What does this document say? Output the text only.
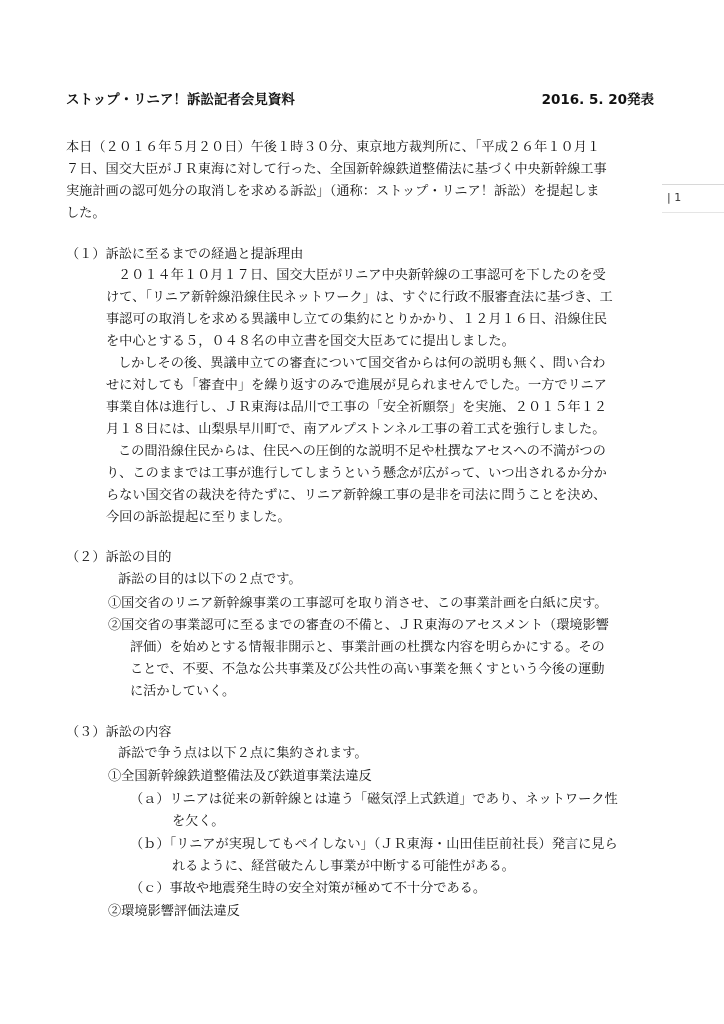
ストップ・リニア！訴訟記者会見資料	2016. 5. 20発表
| 1
本日（２０１６年５月２０日）午後１時３０分、東京地方裁判所に、「平成２６年１０月１
７日、国交大臣がＪＲ東海に対して行った、全国新幹線鉄道整備法に基づく中央新幹線工事
実施計画の認可処分の取消しを求める訴訟」（通称：ストップ・リニア！訴訟）を提起しま
した。
（１）訴訟に至るまでの経過と提訴理由
２０１４年１０月１７日、国交大臣がリニア中央新幹線の工事認可を下したのを受
けて、「リニア新幹線沿線住民ネットワーク」は、すぐに行政不服審査法に基づき、工
事認可の取消しを求める異議申し立ての集約にとりかかり、１２月１６日、沿線住民
を中心とする５，０４８名の申立書を国交大臣あてに提出しました。
しかしその後、異議申立ての審査について国交省からは何の説明も無く、問い合わ
せに対しても「審査中」を繰り返すのみで進展が見られませんでした。一方でリニア
事業自体は進行し、ＪＲ東海は品川で工事の「安全祈願祭」を実施、２０１５年１２
月１８日には、山梨県早川町で、南アルプストンネル工事の着工式を強行しました。
この間沿線住民からは、住民への圧倒的な説明不足や杜撰なアセスへの不満がつの
り、このままでは工事が進行してしまうという懸念が広がって、いつ出されるか分か
らない国交省の裁決を待たずに、リニア新幹線工事の是非を司法に問うことを決め、
今回の訴訟提起に至りました。
（２）訴訟の目的
訴訟の目的は以下の２点です。
①国交省のリニア新幹線事業の工事認可を取り消させ、この事業計画を白紙に戻す。
②国交省の事業認可に至るまでの審査の不備と、ＪＲ東海のアセスメント（環境影響
評価）を始めとする情報非開示と、事業計画の杜撰な内容を明らかにする。その
ことで、不要、不急な公共事業及び公共性の高い事業を無くすという今後の運動
に活かしていく。
（３）訴訟の内容
訴訟で争う点は以下２点に集約されます。
①全国新幹線鉄道整備法及び鉄道事業法違反
（ａ）リニアは従来の新幹線とは違う「磁気浮上式鉄道」であり、ネットワーク性
を欠く。
（ｂ）「リニアが実現してもペイしない」（ＪＲ東海・山田佳臣前社長）発言に見ら
れるように、経営破たんし事業が中断する可能性がある。
（ｃ）事故や地震発生時の安全対策が極めて不十分である。
②環境影響評価法違反
